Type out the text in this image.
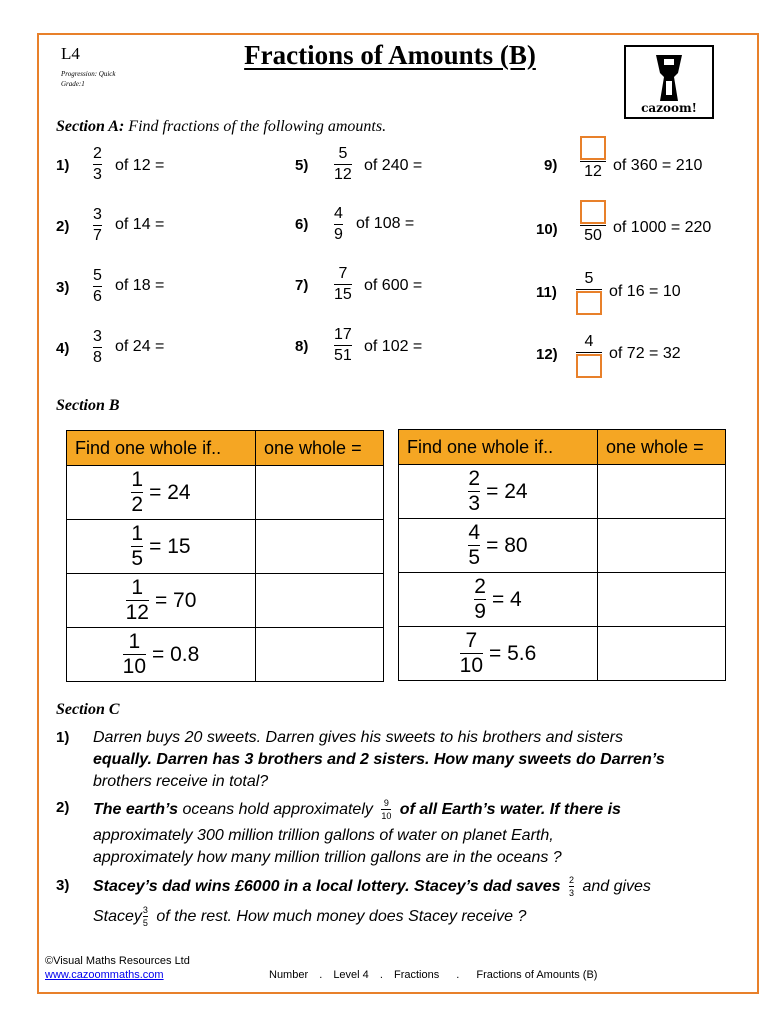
L4
Progression: Quick
Grade:1
Fractions of Amounts (B)
cazoom!
Section A: Find fractions of the following amounts.
1)
2
3
of 12 =
2)
3
7
of 14 =
3)
5
6
of 18 =
4)
3
8
of 24 =
5)
5
12
of 240 =
6)
4
9
of 108 =
7)
7
15
of 600 =
8)
17
51
of 102 =
9) 12 of 360 = 210
10) 50 of 1000 = 220
11)
5
of 16 = 10
12)
4
of 72 = 32
Section B
Find one whole if..	one whole =

1
2
= 24	

1
5
= 15	

1
12
= 70	

1
10
= 0.8	

Find one whole if..	one whole =

2
3
= 24	

4
5
= 80	

2
9
= 4	

7
10
= 5.6	

Section C
1) Darren buys 20 sweets. Darren gives his sweets to his brothers and sisters
equally. Darren has 3 brothers and 2 sisters. How many sweets do Darren’s
brothers receive in total?
2) The earth’s oceans hold approximately $\frac{9}{10}$ of all Earth’s water. If there is
approximately 300 million trillion gallons of water on planet Earth,
approximately how many million trillion gallons are in the oceans ?
3) Stacey’s dad wins £6000 in a local lottery. Stacey’s dad saves $\frac{2}{3}$ and gives
Stacey $\frac{3}{5}$ of the rest. How much money does Stacey receive ?
©Visual Maths Resources Ltd
www.cazoommaths.com	Number . Level 4 . Fractions . Fractions of Amounts (B)
